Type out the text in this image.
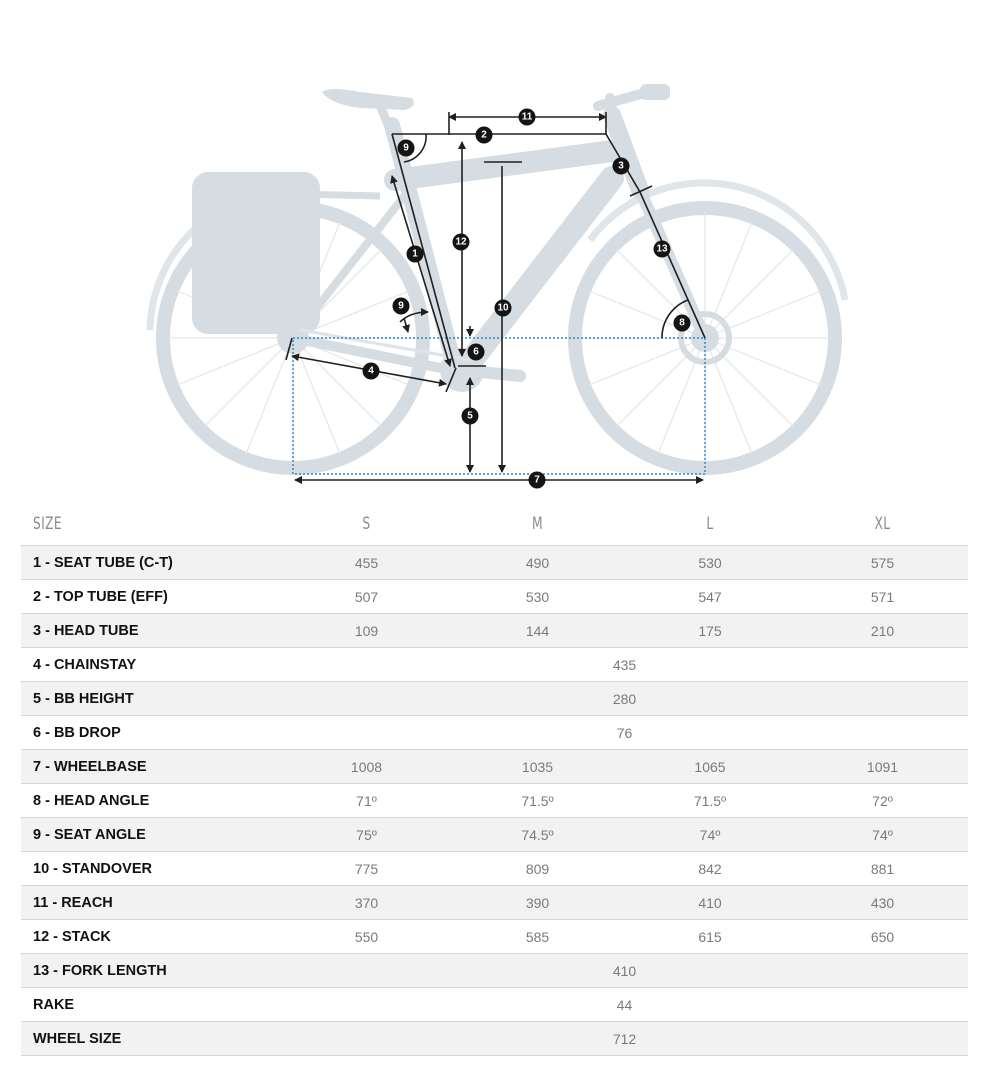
1
2
3
4
5
6
7
8
9
9	10
11
12
13
SIZE	S	M	L	XL
1 - SEAT TUBE (C-T)	455	490	530	575
2 - TOP TUBE (EFF)	507	530	547	571
3 - HEAD TUBE	109	144	175	210
4 - CHAINSTAY	435			
5 - BB HEIGHT	280			
6 - BB DROP	76			
7 - WHEELBASE	1008	1035	1065	1091
8 - HEAD ANGLE	71º	71.5º	71.5º	72º
9 - SEAT ANGLE	75º	74.5º	74º	74º
10 - STANDOVER	775	809	842	881
11 - REACH	370	390	410	430
12 - STACK	550	585	615	650
13 - FORK LENGTH	410			
RAKE	44			
WHEEL SIZE	712			
